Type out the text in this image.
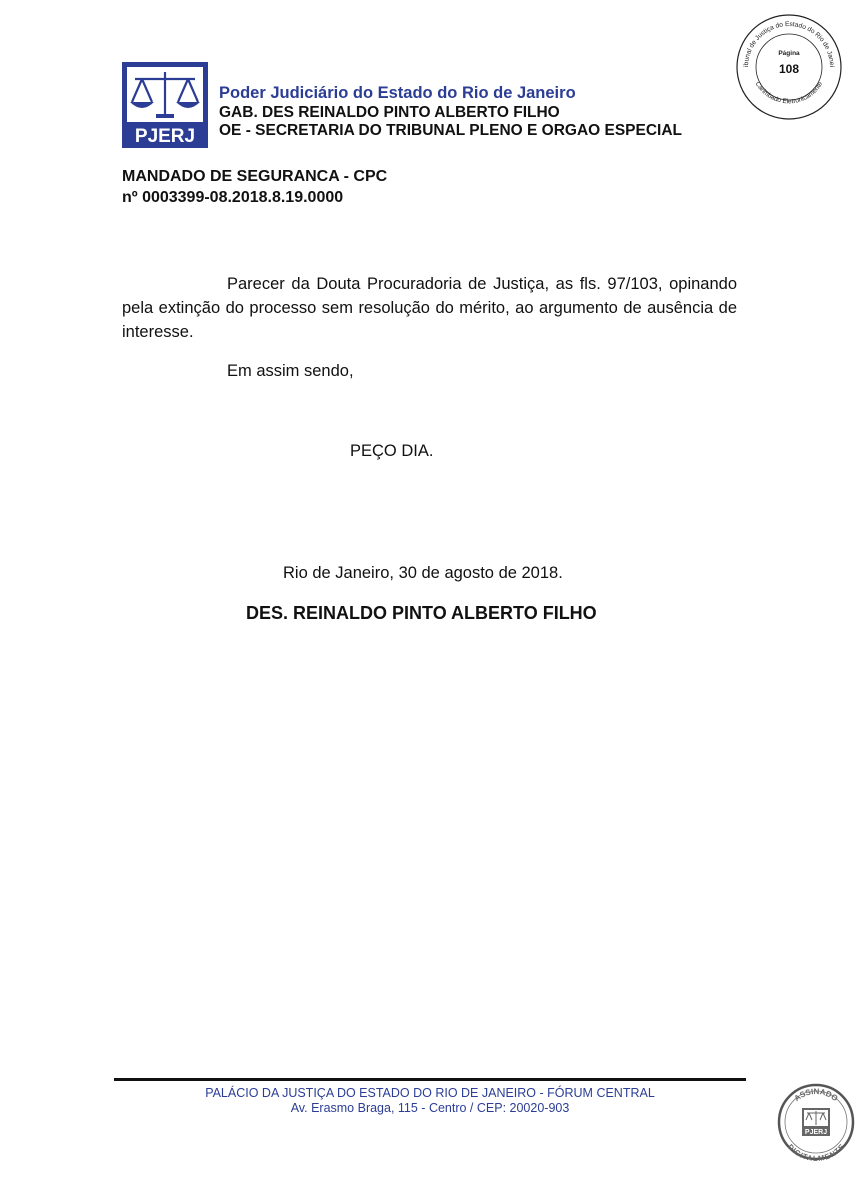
PJERJ
Poder Judiciário do Estado do Rio de Janeiro
GAB. DES REINALDO PINTO ALBERTO FILHO
OE - SECRETARIA DO TRIBUNAL PLENO E ORGAO ESPECIAL
ibunal de Justiça do Estado do Rio de Janei
Carimbado Eletronicamente
Página
108
MANDADO DE SEGURANCA - CPC
nº 0003399-08.2018.8.19.0000

Parecer da Douta Procuradoria de Justiça, as fls. 97/103, opinando pela extinção do processo sem resolução do mérito, ao argumento de ausência de interesse.

Em assim sendo,
PEÇO DIA.
Rio de Janeiro, 30 de agosto de 2018.
DES. REINALDO PINTO ALBERTO FILHO
PALÁCIO DA JUSTIÇA DO ESTADO DO RIO DE JANEIRO - FÓRUM CENTRAL
Av. Erasmo Braga, 115 - Centro / CEP: 20020-903
ASSINADO
DIGITALMENTE
PJERJ
